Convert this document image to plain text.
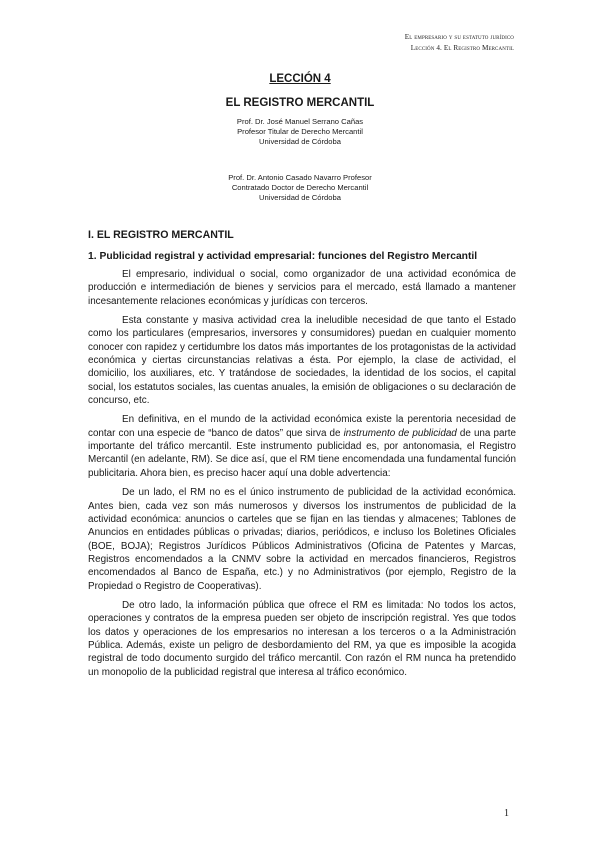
El empresario y su estatuto jurídico
Lección 4. El Registro Mercantil
LECCIÓN 4
EL REGISTRO MERCANTIL
Prof. Dr. José Manuel Serrano Cañas
Profesor Titular de Derecho Mercantil
Universidad de Córdoba
Prof. Dr. Antonio Casado Navarro Profesor
Contratado Doctor de Derecho Mercantil
Universidad de Córdoba
I. EL REGISTRO MERCANTIL
1. Publicidad registral y actividad empresarial: funciones del Registro Mercantil

El empresario, individual o social, como organizador de una actividad económica de producción e intermediación de bienes y servicios para el mercado, está llamado a mantener incesantemente relaciones económicas y jurídicas con terceros.

Esta constante y masiva actividad crea la ineludible necesidad de que tanto el Estado como los particulares (empresarios, inversores y consumidores) puedan en cualquier momento conocer con rapidez y certidumbre los datos más importantes de los protagonistas de la actividad económica y ciertas circunstancias relativas a ésta. Por ejemplo, la clase de actividad, el domicilio, los auxiliares, etc. Y tratándose de sociedades, la identidad de los socios, el capital social, los estatutos sociales, las cuentas anuales, la emisión de obligaciones o su declaración de concurso, etc.

En definitiva, en el mundo de la actividad económica existe la perentoria necesidad de contar con una especie de “banco de datos” que sirva de instrumento de publicidad de una parte importante del tráfico mercantil. Este instrumento publicidad es, por antonomasia, el Registro Mercantil (en adelante, RM). Se dice así, que el RM tiene encomendada una fundamental función publicitaria. Ahora bien, es preciso hacer aquí una doble advertencia:

De un lado, el RM no es el único instrumento de publicidad de la actividad económica. Antes bien, cada vez son más numerosos y diversos los instrumentos de publicidad de la actividad económica: anuncios o carteles que se fijan en las tiendas y almacenes; Tablones de Anuncios en entidades públicas o privadas; diarios, periódicos, e incluso los Boletines Oficiales (BOE, BOJA); Registros Jurídicos Públicos Administrativos (Oficina de Patentes y Marcas, Registros encomendados a la CNMV sobre la actividad en mercados financieros, Registros encomendados al Banco de España, etc.) y no Administrativos (por ejemplo, Registro de la Propiedad o Registro de Cooperativas).

De otro lado, la información pública que ofrece el RM es limitada: No todos los actos, operaciones y contratos de la empresa pueden ser objeto de inscripción registral. Yes que todos los datos y operaciones de los empresarios no interesan a los terceros o a la Administración Pública. Además, existe un peligro de desbordamiento del RM, ya que es imposible la acogida registral de todo documento surgido del tráfico mercantil. Con razón el RM nunca ha pretendido un monopolio de la publicidad registral que interesa al tráfico económico.

1
